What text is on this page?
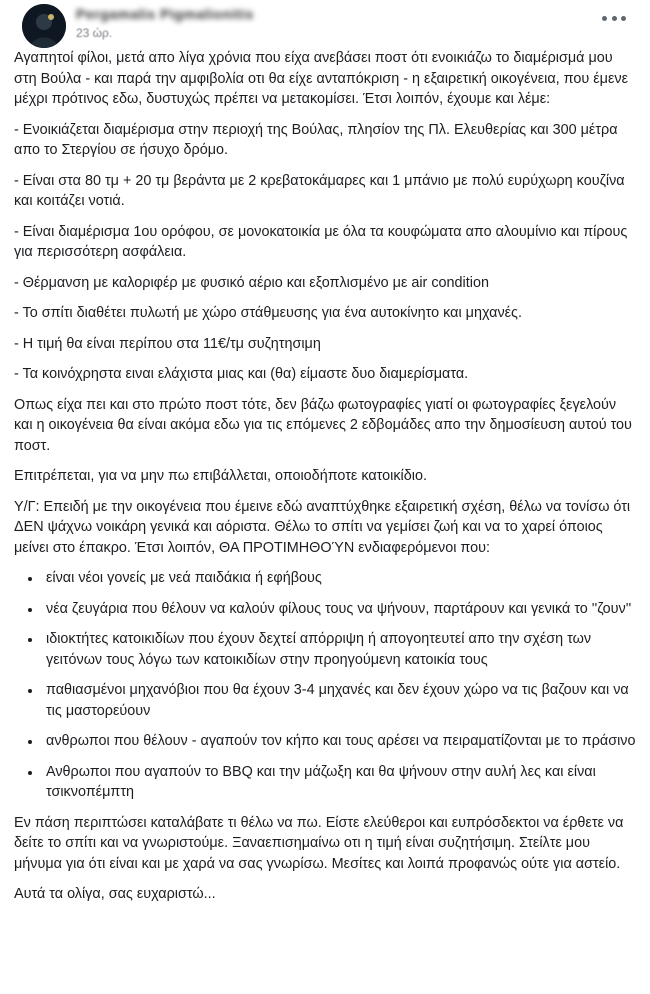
Pergamalis Pigmalionitis
23 ώρ.

Αγαπητοί φίλοι, μετά απο λίγα χρόνια που είχα ανεβάσει ποστ ότι ενοικιάζω το διαμέρισμά μου στη Βούλα - και παρά την αμφιβολία οτι θα είχε ανταπόκριση - η εξαιρετική οικογένεια, που έμενε μέχρι πρότινος εδω, δυστυχώς πρέπει να μετακομίσει. Έτσι λοιπόν, έχουμε και λέμε:

- Ενοικιάζεται διαμέρισμα στην περιοχή της Βούλας, πλησίον της Πλ. Ελευθερίας και 300 μέτρα απο το Στεργίου σε ήσυχο δρόμο.

- Είναι στα 80 τμ + 20 τμ βεράντα με 2 κρεβατοκάμαρες και 1 μπάνιο με πολύ ευρύχωρη κουζίνα και κοιτάζει νοτιά.

- Είναι διαμέρισμα 1ου ορόφου, σε μονοκατοικία με όλα τα κουφώματα απο αλουμίνιο και πίρους για περισσότερη ασφάλεια.

- Θέρμανση με καλοριφέρ με φυσικό αέριο και εξοπλισμένο με air condition

- Το σπίτι διαθέτει πυλωτή με χώρο στάθμευσης για ένα αυτοκίνητο και μηχανές.

- Η τιμή θα είναι περίπου στα 11€/τμ συζητησιμη

- Τα κοινόχρηστα ειναι ελάχιστα μιας και (θα) είμαστε δυο διαμερίσματα.

Οπως είχα πει και στο πρώτο ποστ τότε, δεν βάζω φωτογραφίες γιατί οι φωτογραφίες ξεγελούν και η οικογένεια θα είναι ακόμα εδω για τις επόμενες 2 εδβομάδες απο την δημοσίευση αυτού του ποστ.

Επιτρέπεται, για να μην πω επιβάλλεται, οποιοδήποτε κατοικίδιο.

Υ/Γ: Επειδή με την οικογένεια που έμεινε εδώ αναπτύχθηκε εξαιρετική σχέση, θέλω να τονίσω ότι ΔΕΝ ψάχνω νοικάρη γενικά και αόριστα. Θέλω το σπίτι να γεμίσει ζωή και να το χαρεί όποιος μείνει στο έπακρο. Έτσι λοιπόν, ΘΑ ΠΡΟΤΙΜΗΘΟΎΝ ενδιαφερόμενοι που:

• είναι νέοι γονείς με νεά παιδάκια ή εφήβους
• νέα ζευγάρια που θέλουν να καλούν φίλους τους να ψήνουν, παρτάρουν και γενικά το ''ζουν''
• ιδιοκτήτες κατοικιδίων που έχουν δεχτεί απόρριψη ή απογοητευτεί απο την σχέση των γειτόνων τους λόγω των κατοικιδίων στην προηγούμενη κατοικία τους
• παθιασμένοι μηχανόβιοι που θα έχουν 3-4 μηχανές και δεν έχουν χώρο να τις βαζουν και να τις μαστορεύουν
• ανθρωποι που θέλουν - αγαπούν τον κήπο και τους αρέσει να πειραματίζονται με το πράσινο
• Ανθρωποι που αγαπούν το BBQ και την μάζωξη και θα ψήνουν στην αυλή λες και είναι τσικνοπέμπτη

Εν πάση περιπτώσει καταλάβατε τι θέλω να πω. Είστε ελεύθεροι και ευπρόσδεκτοι να έρθετε να δείτε το σπίτι και να γνωριστούμε. Ξαναεπισημαίνω οτι η τιμή είναι συζητήσιμη. Στείλτε μου μήνυμα για ότι είναι και με χαρά να σας γνωρίσω. Μεσίτες και λοιπά προφανώς ούτε για αστείο.

Αυτά τα ολίγα, σας ευχαριστώ...
